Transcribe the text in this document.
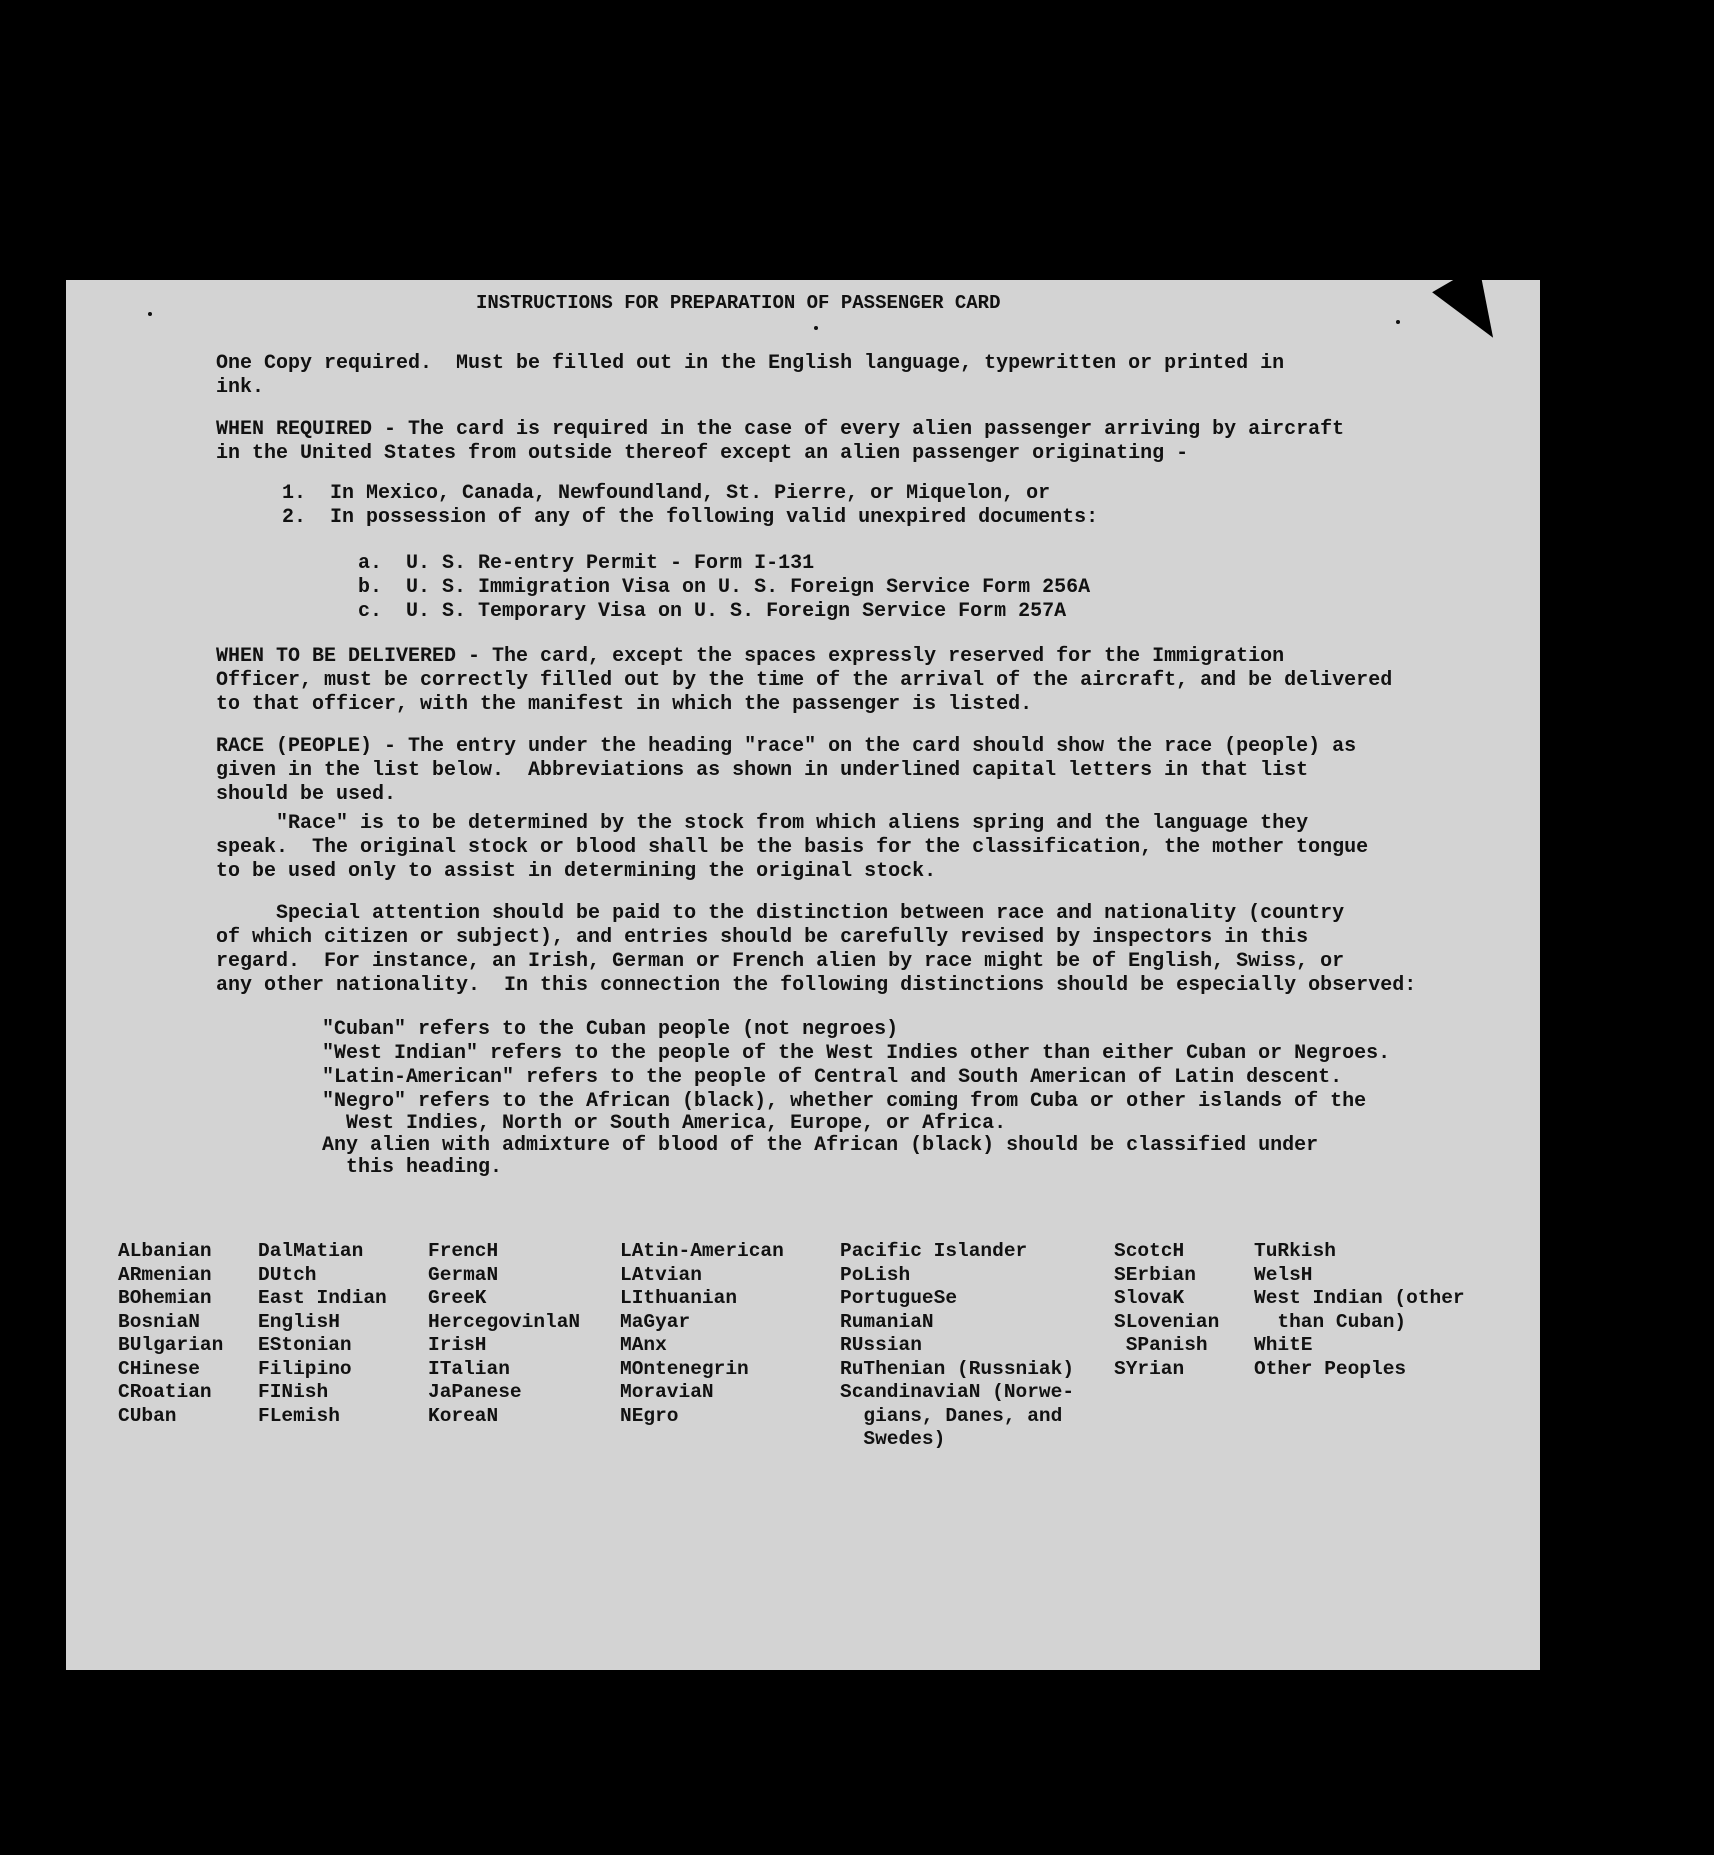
INSTRUCTIONS FOR PREPARATION OF PASSENGER CARD
One Copy required.  Must be filled out in the English language, typewritten or printed in
ink.
WHEN REQUIRED - The card is required in the case of every alien passenger arriving by aircraft
in the United States from outside thereof except an alien passenger originating -
1.  In Mexico, Canada, Newfoundland, St. Pierre, or Miquelon, or
2.  In possession of any of the following valid unexpired documents:
a.  U. S. Re-entry Permit - Form I-131
b.  U. S. Immigration Visa on U. S. Foreign Service Form 256A
c.  U. S. Temporary Visa on U. S. Foreign Service Form 257A
WHEN TO BE DELIVERED - The card, except the spaces expressly reserved for the Immigration
Officer, must be correctly filled out by the time of the arrival of the aircraft, and be delivered
to that officer, with the manifest in which the passenger is listed.
RACE (PEOPLE) - The entry under the heading "race" on the card should show the race (people) as
given in the list below.  Abbreviations as shown in underlined capital letters in that list
should be used.
"Race" is to be determined by the stock from which aliens spring and the language they
speak.  The original stock or blood shall be the basis for the classification, the mother tongue
to be used only to assist in determining the original stock.
Special attention should be paid to the distinction between race and nationality (country
of which citizen or subject), and entries should be carefully revised by inspectors in this
regard.  For instance, an Irish, German or French alien by race might be of English, Swiss, or
any other nationality.  In this connection the following distinctions should be especially observed:
"Cuban" refers to the Cuban people (not negroes)
"West Indian" refers to the people of the West Indies other than either Cuban or Negroes.
"Latin-American" refers to the people of Central and South American of Latin descent.
"Negro" refers to the African (black), whether coming from Cuba or other islands of the
West Indies, North or South America, Europe, or Africa.
Any alien with admixture of blood of the African (black) should be classified under
this heading.
ALbanian
ARmenian
BOhemian
BosniaN
BUlgarian
CHinese
CRoatian
CUban
DalMatian
DUtch
East Indian
EnglisH
EStonian
Filipino
FINish
FLemish
FrencH
GermaN
GreeK
HercegovinlaN
IrisH
ITalian
JaPanese
KoreaN
LAtin-American
LAtvian
LIthuanian
MaGyar
MAnx
MOntenegrin
MoraviaN
NEgro
Pacific Islander
PoLish
PortugueSe
RumaniaN
RUssian
RuThenian (Russniak)
ScandinaviaN (Norwe-
gians, Danes, and
Swedes)
ScotcH
SErbian
SlovaK
SLovenian
SPanish
SYrian
TuRkish
WelsH
West Indian (other
than Cuban)
WhitE
Other Peoples
